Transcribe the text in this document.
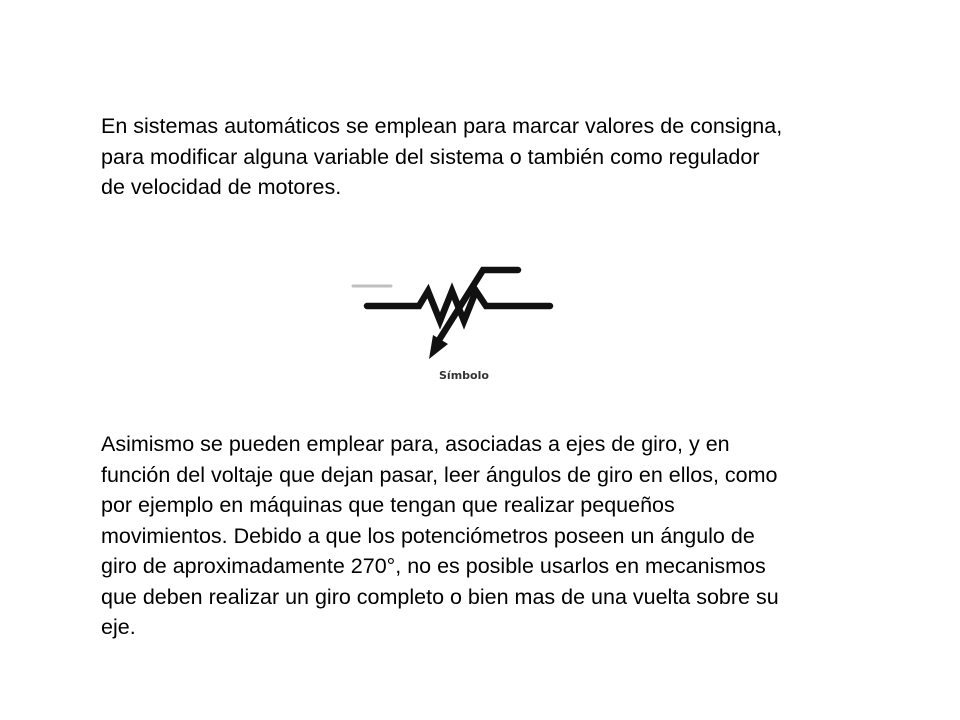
En sistemas automáticos se emplean para marcar valores de consigna,
para modificar alguna variable del sistema o también como regulador
de velocidad de motores.

Símbolo

Asimismo se pueden emplear para, asociadas a ejes de giro, y en
función del voltaje que dejan pasar, leer ángulos de giro en ellos, como
por ejemplo en máquinas que tengan que realizar pequeños
movimientos. Debido a que los potenciómetros poseen un ángulo de
giro de aproximadamente 270°, no es posible usarlos en mecanismos
que deben realizar un giro completo o bien mas de una vuelta sobre su
eje.
